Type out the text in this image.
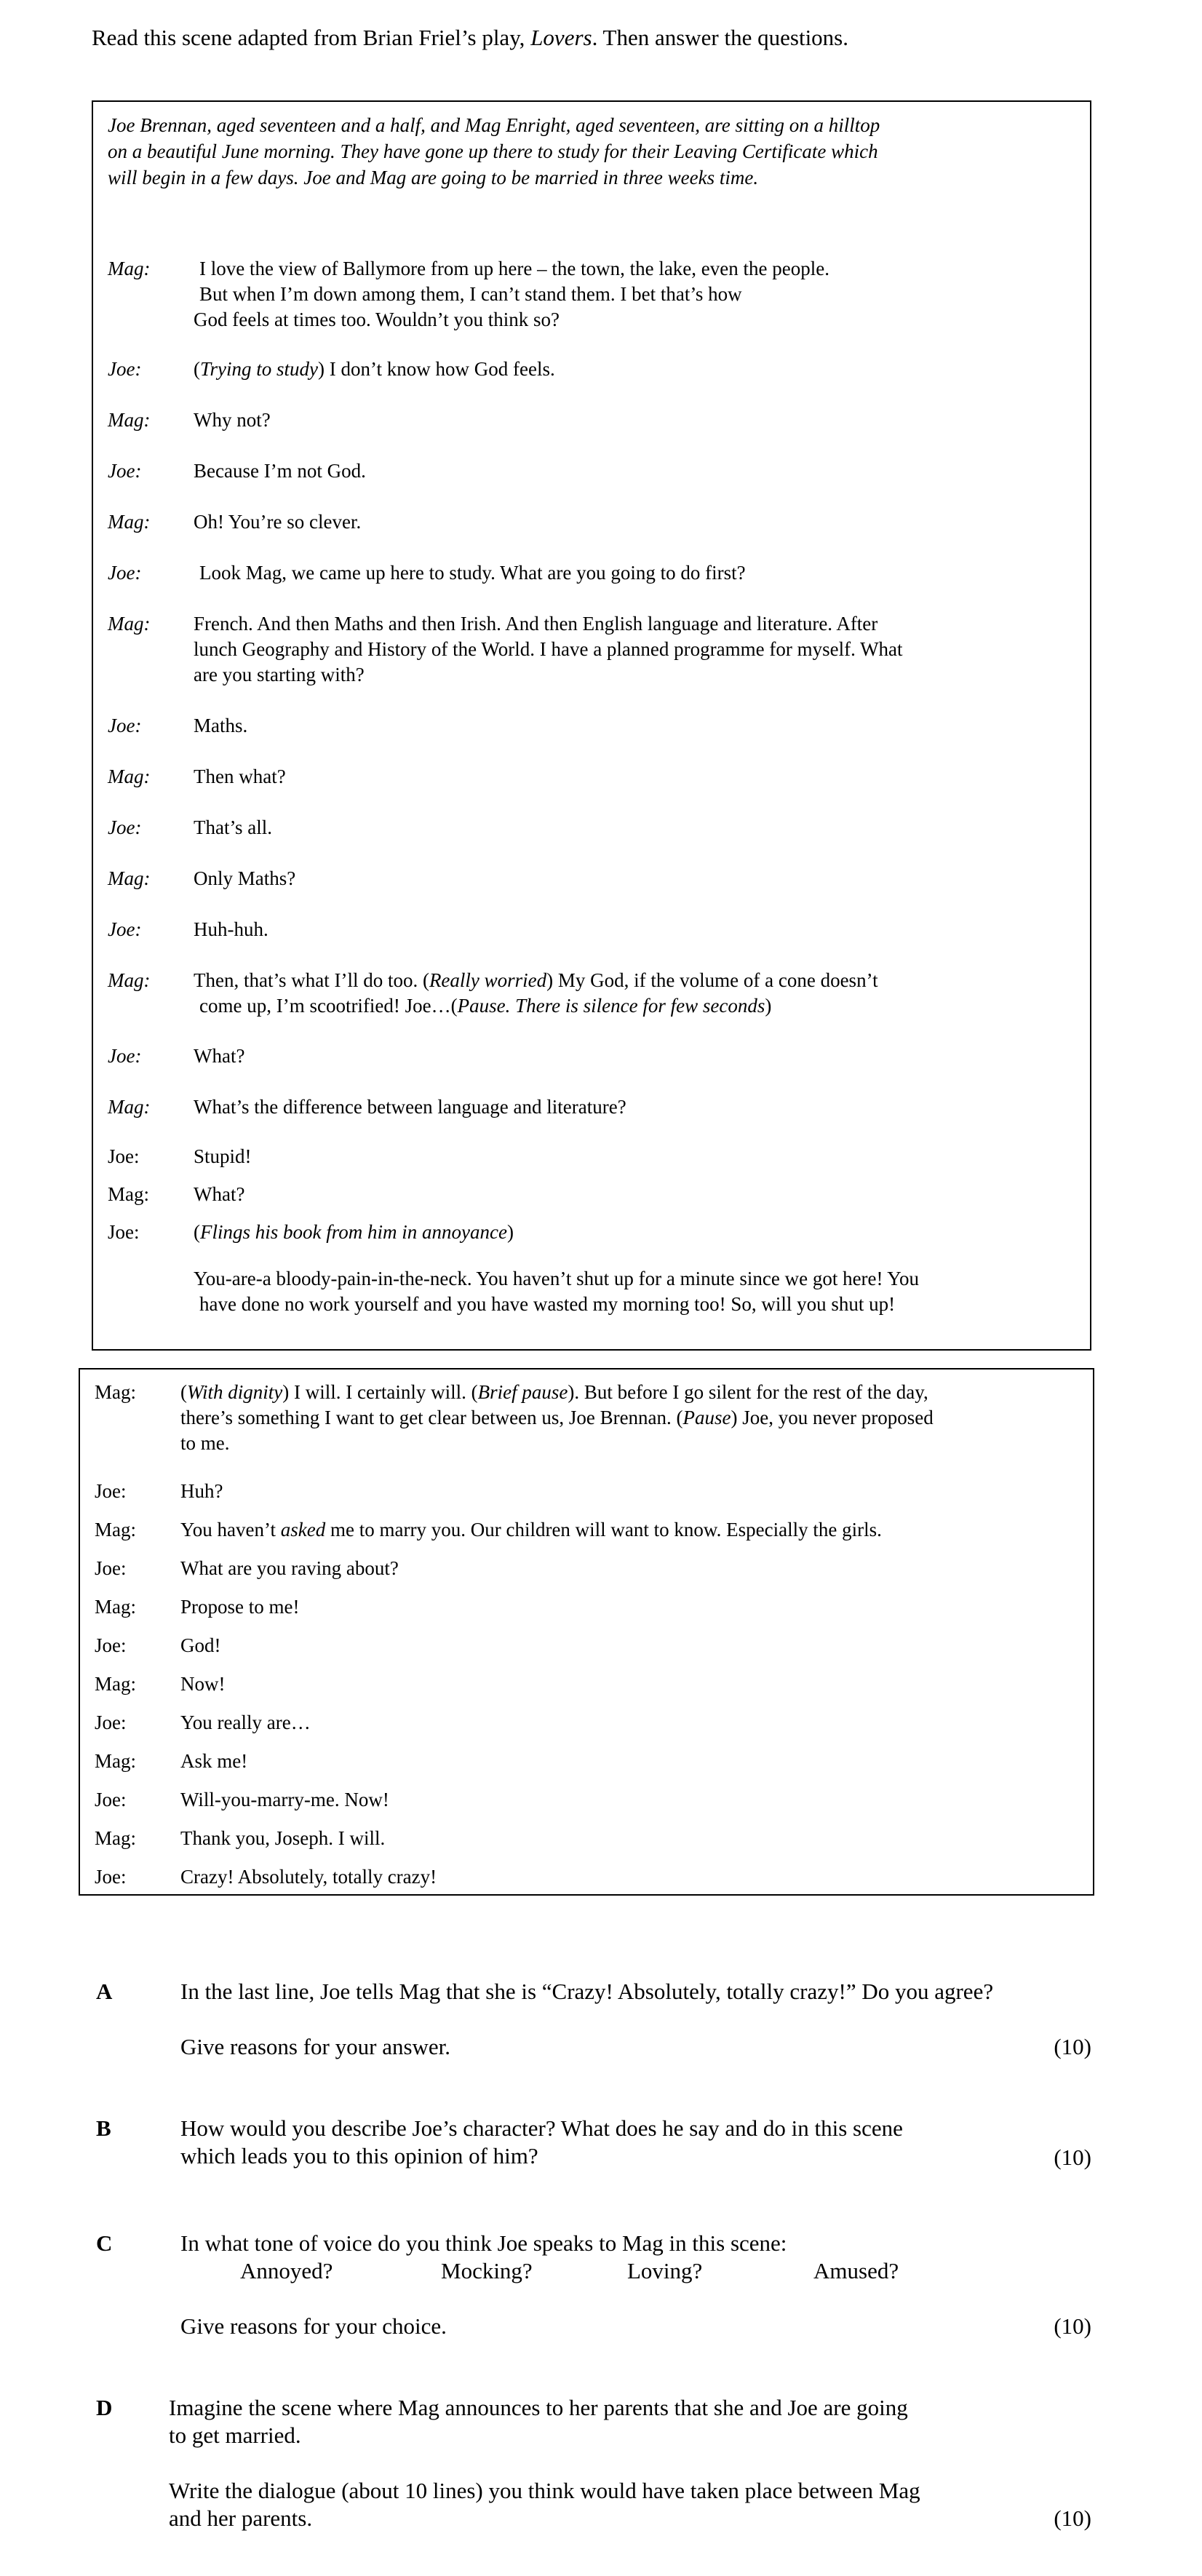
Read this scene adapted from Brian Friel’s play, Lovers. Then answer the questions.
Joe Brennan, aged seventeen and a half, and Mag Enright, aged seventeen, are sitting on a hilltop
on a beautiful June morning. They have gone up there to study for their Leaving Certificate which
will begin in a few days. Joe and Mag are going to be married in three weeks time.
Mag:	I love the view of Ballymore from up here – the town, the lake, even the people.
But when I’m down among them, I can’t stand them. I bet that’s how
God feels at times too. Wouldn’t you think so?
Joe:	(Trying to study) I don’t know how God feels.
Mag: Why not?
Joe:	Because I’m not God.
Mag: Oh! You’re so clever.
Joe:	Look Mag, we came up here to study. What are you going to do first?
Mag: French. And then Maths and then Irish. And then English language and literature. After
lunch Geography and History of the World. I have a planned programme for myself. What
are you starting with?
Joe:	Maths.
Mag: Then what?
Joe:	That’s all.
Mag: Only Maths?
Joe:	Huh-huh.
Mag: Then, that’s what I’ll do too. (Really worried) My God, if the volume of a cone doesn’t
come up, I’m scootrified! Joe…(Pause. There is silence for few seconds)
Joe:	What?
Mag: What’s the difference between language and literature?
Joe:	Stupid!
Mag: What?
Joe:	(Flings his book from him in annoyance)
You-are-a bloody-pain-in-the-neck. You haven’t shut up for a minute since we got here! You
have done no work yourself and you have wasted my morning too! So, will you shut up!
Mag: (With dignity) I will. I certainly will. (Brief pause). But before I go silent for the rest of the day,
there’s something I want to get clear between us, Joe Brennan. (Pause) Joe, you never proposed
to me.
Joe:	Huh?
Mag: You haven’t asked me to marry you. Our children will want to know. Especially the girls.
Joe:	What are you raving about?
Mag: Propose to me!
Joe:	God!
Mag: Now!
Joe:	You really are…
Mag: Ask me!
Joe:	Will-you-marry-me. Now!
Mag: Thank you, Joseph. I will.
Joe:	Crazy! Absolutely, totally crazy!
A	In the last line, Joe tells Mag that she is “Crazy! Absolutely, totally crazy!” Do you agree?
Give reasons for your answer.	(10)
B	How would you describe Joe’s character? What does he say and do in this scene
which leads you to this opinion of him?	(10)
C	In what tone of voice do you think Joe speaks to Mag in this scene:
Annoyed?	Mocking?	Loving?	Amused?
Give reasons for your choice.	(10)
D	Imagine the scene where Mag announces to her parents that she and Joe are going
to get married.
Write the dialogue (about 10 lines) you think would have taken place between Mag
and her parents.	(10)
